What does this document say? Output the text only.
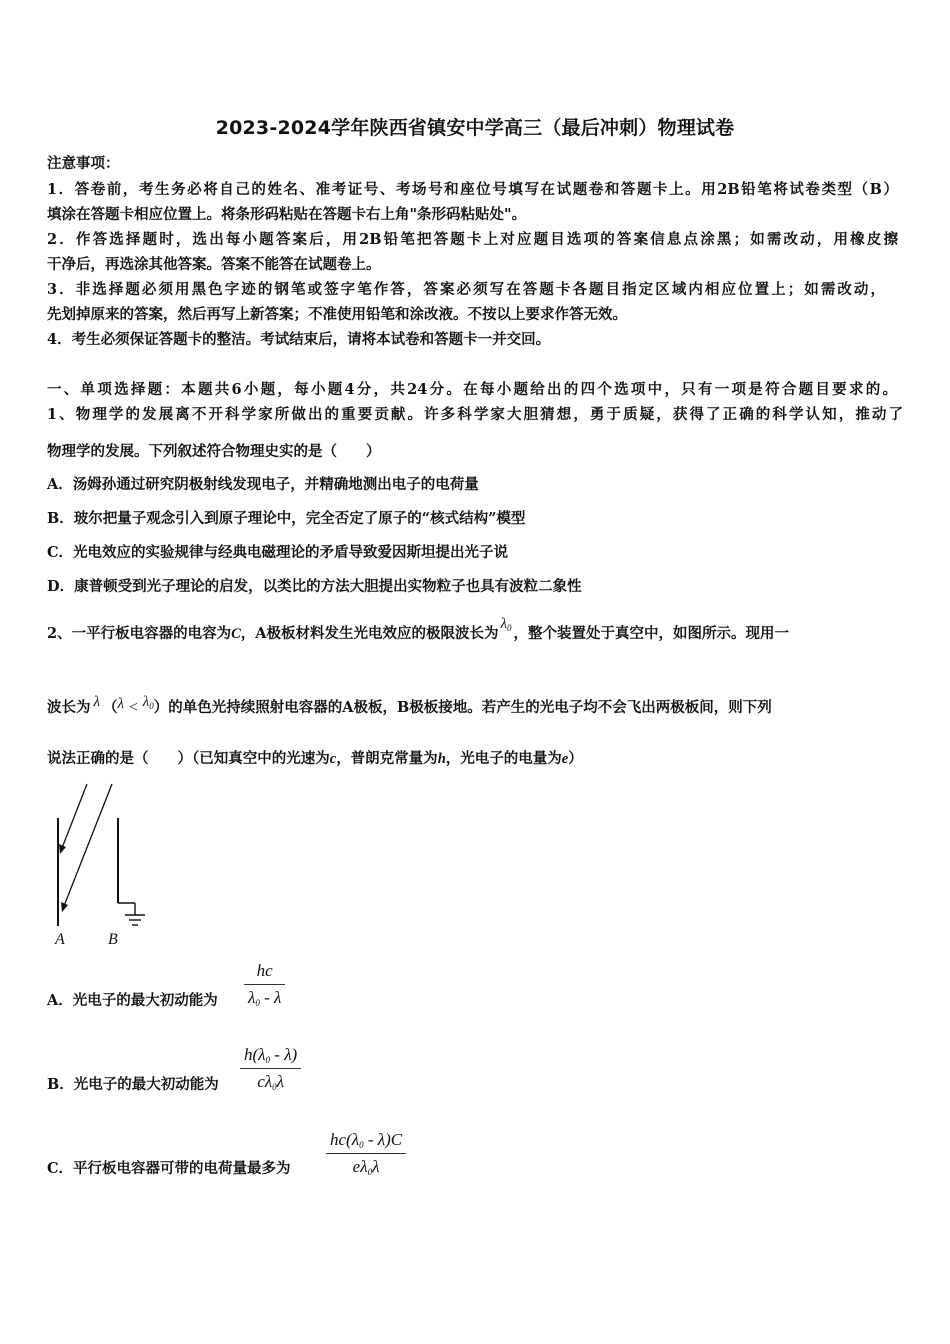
2023-2024学年陕西省镇安中学高三（最后冲刺）物理试卷
注意事项：
1．答卷前，考生务必将自己的姓名、准考证号、考场号和座位号填写在试题卷和答题卡上。用2B铅笔将试卷类型（B）
填涂在答题卡相应位置上。将条形码粘贴在答题卡右上角"条形码粘贴处"。
2．作答选择题时，选出每小题答案后，用2B铅笔把答题卡上对应题目选项的答案信息点涂黑；如需改动，用橡皮擦
干净后，再选涂其他答案。答案不能答在试题卷上。
3．非选择题必须用黑色字迹的钢笔或签字笔作答，答案必须写在答题卡各题目指定区域内相应位置上；如需改动，
先划掉原来的答案，然后再写上新答案；不准使用铅笔和涂改液。不按以上要求作答无效。
4．考生必须保证答题卡的整洁。考试结束后，请将本试卷和答题卡一并交回。
一、单项选择题：本题共6小题，每小题4分，共24分。在每小题给出的四个选项中，只有一项是符合题目要求的。
1、物理学的发展离不开科学家所做出的重要贡献。许多科学家大胆猜想，勇于质疑，获得了正确的科学认知，推动了
物理学的发展。下列叙述符合物理史实的是（　　）
A．汤姆孙通过研究阴极射线发现电子，并精确地测出电子的电荷量
B．玻尔把量子观念引入到原子理论中，完全否定了原子的“核式结构”模型
C．光电效应的实验规律与经典电磁理论的矛盾导致爱因斯坦提出光子说
D．康普顿受到光子理论的启发，以类比的方法大胆提出实物粒子也具有波粒二象性
2、一平行板电容器的电容为C，A极板材料发生光电效应的极限波长为$\lambda_0$ ，整个装置处于真空中，如图所示。现用一
波长为 λ $(\lambda < \lambda_0)$的单色光持续照射电容器的A极板，B极板接地。若产生的光电子均不会飞出两极板间，则下列
说法正确的是（　　）（已知真空中的光速为c，普朗克常量为h，光电子的电量为e）
A	B
A．光电子的最大初动能为
hc
$\lambda_0$ - λ
B．光电子的最大初动能为
$h(\lambda_0 - \lambda)$
$c\lambda_0\lambda$
C．平行板电容器可带的电荷量最多为
$hc(\lambda_0 - \lambda)C$
$e\lambda_0\lambda$
